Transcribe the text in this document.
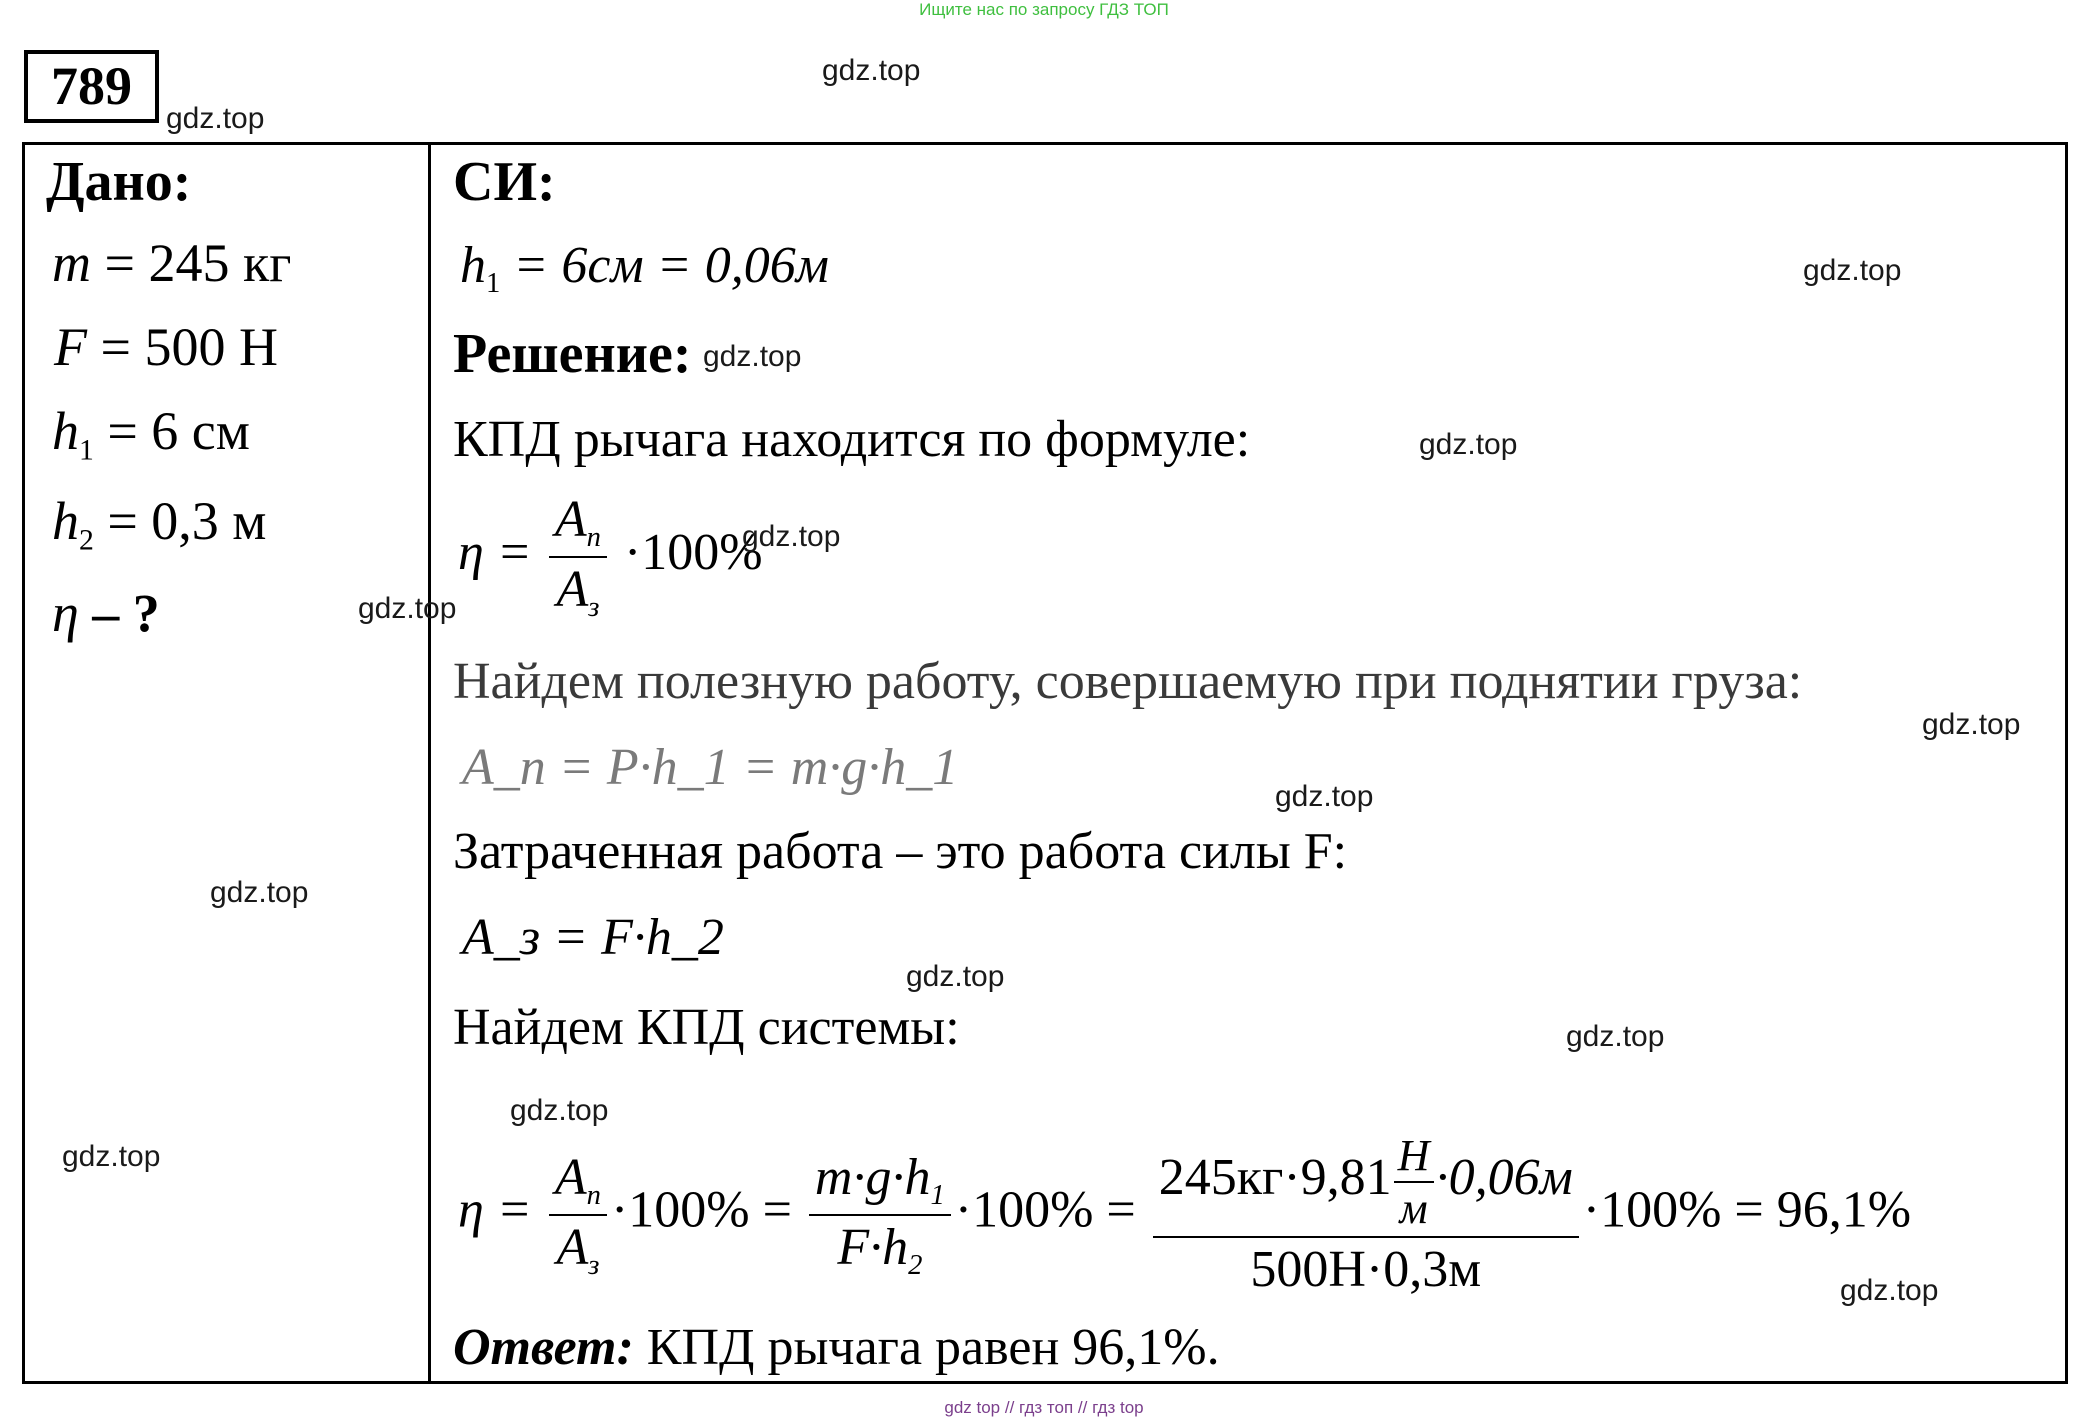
Ищите нас по запросу ГДЗ ТОП
789
Дано:
m = 245 кг
F = 500 Н
$h_1 = 6$ см
$h_2 = 0,3$ м
η – ?
СИ:
$h_1 = 6см = 0,06м$
Решение:
КПД рычага находится по формуле:
$\eta = \frac{A_n}{A_з} \cdot 100\%$
Найдем полезную работу, совершаемую при поднятии груза:
A_n = P·h_1 = m·g·h_1
Затраченная работа – это работа силы F:
A_з = F·h_2
Найдем КПД системы:
$\eta = \frac{A_n}{A_з} \cdot 100\% = \frac{m\cdot g\cdot h_1}{F\cdot h_2} \cdot 100\% = \frac{245кг\cdot 9,81 \frac{Н}{м} \cdot 0,06м}{500Н\cdot 0,3м} \cdot 100\% = 96,1\%$
Ответ: КПД рычага равен 96,1%.
gdz.top
gdz.top
gdz.top
gdz.top
gdz.top
gdz.top
gdz.top
gdz.top
gdz.top
gdz.top
gdz.top
gdz.top
gdz.top
gdz.top
gdz.top
gdz top // гдз топ // гдз top
